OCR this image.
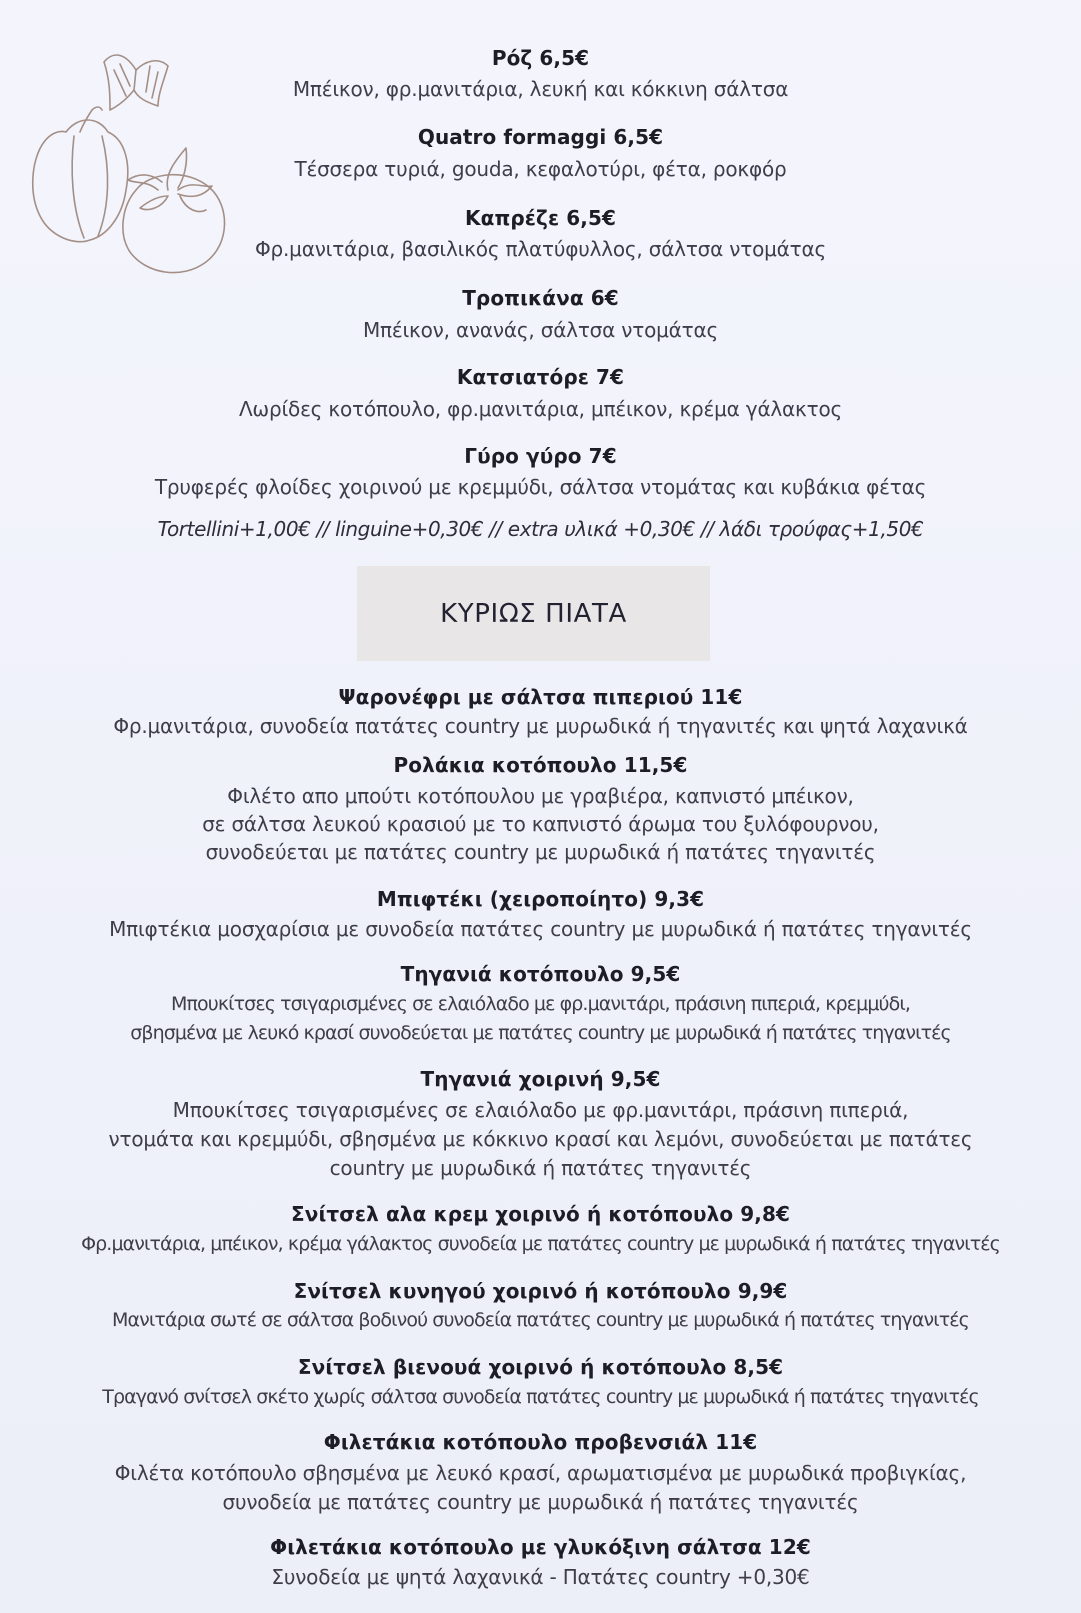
Ρόζ 6,5€
Μπέικον, φρ.μανιτάρια, λευκή και κόκκινη σάλτσα
Quatro formaggi 6,5€
Τέσσερα τυριά, gouda, κεφαλοτύρι, φέτα, ροκφόρ
Καπρέζε 6,5€
Φρ.μανιτάρια, βασιλικός πλατύφυλλος, σάλτσα ντομάτας
Τροπικάνα 6€
Μπέικον, ανανάς, σάλτσα ντομάτας
Κατσιατόρε 7€
Λωρίδες κοτόπουλο, φρ.μανιτάρια, μπέικον, κρέμα γάλακτος
Γύρο γύρο 7€
Τρυφερές φλοίδες χοιρινού με κρεμμύδι, σάλτσα ντομάτας και κυβάκια φέτας
Tortellini+1,00€ // linguine+0,30€ // extra υλικά +0,30€ // λάδι τρούφας+1,50€
ΚΥΡΙΩΣ ΠΙΑΤΑ
Ψαρονέφρι με σάλτσα πιπεριού 11€
Φρ.μανιτάρια, συνοδεία πατάτες country με μυρωδικά ή τηγανιτές και ψητά λαχανικά
Ρολάκια κοτόπουλο 11,5€
Φιλέτο απο μπούτι κοτόπουλου με γραβιέρα, καπνιστό μπέικον,
σε σάλτσα λευκού κρασιού με το καπνιστό άρωμα του ξυλόφουρνου,
συνοδεύεται με πατάτες country με μυρωδικά ή πατάτες τηγανιτές
Μπιφτέκι (χειροποίητο) 9,3€
Μπιφτέκια μοσχαρίσια με συνοδεία πατάτες country με μυρωδικά ή πατάτες τηγανιτές
Τηγανιά κοτόπουλο 9,5€
Μπουκίτσες τσιγαρισμένες σε ελαιόλαδο με φρ.μανιτάρι, πράσινη πιπεριά, κρεμμύδι,
σβησμένα με λευκό κρασί συνοδεύεται με πατάτες country με μυρωδικά ή πατάτες τηγανιτές
Τηγανιά χοιρινή 9,5€
Μπουκίτσες τσιγαρισμένες σε ελαιόλαδο με φρ.μανιτάρι, πράσινη πιπεριά,
ντομάτα και κρεμμύδι, σβησμένα με κόκκινο κρασί και λεμόνι, συνοδεύεται με πατάτες
country με μυρωδικά ή πατάτες τηγανιτές
Σνίτσελ αλα κρεμ χοιρινό ή κοτόπουλο 9,8€
Φρ.μανιτάρια, μπέικον, κρέμα γάλακτος συνοδεία με πατάτες country με μυρωδικά ή πατάτες τηγανιτές
Σνίτσελ κυνηγού χοιρινό ή κοτόπουλο 9,9€
Μανιτάρια σωτέ σε σάλτσα βοδινού συνοδεία πατάτες country με μυρωδικά ή πατάτες τηγανιτές
Σνίτσελ βιενουά χοιρινό ή κοτόπουλο 8,5€
Τραγανό σνίτσελ σκέτο χωρίς σάλτσα συνοδεία πατάτες country με μυρωδικά ή πατάτες τηγανιτές
Φιλετάκια κοτόπουλο προβενσιάλ 11€
Φιλέτα κοτόπουλο σβησμένα με λευκό κρασί, αρωματισμένα με μυρωδικά προβιγκίας,
συνοδεία με πατάτες country με μυρωδικά ή πατάτες τηγανιτές
Φιλετάκια κοτόπουλο με γλυκόξινη σάλτσα 12€
Συνοδεία με ψητά λαχανικά - Πατάτες country +0,30€
